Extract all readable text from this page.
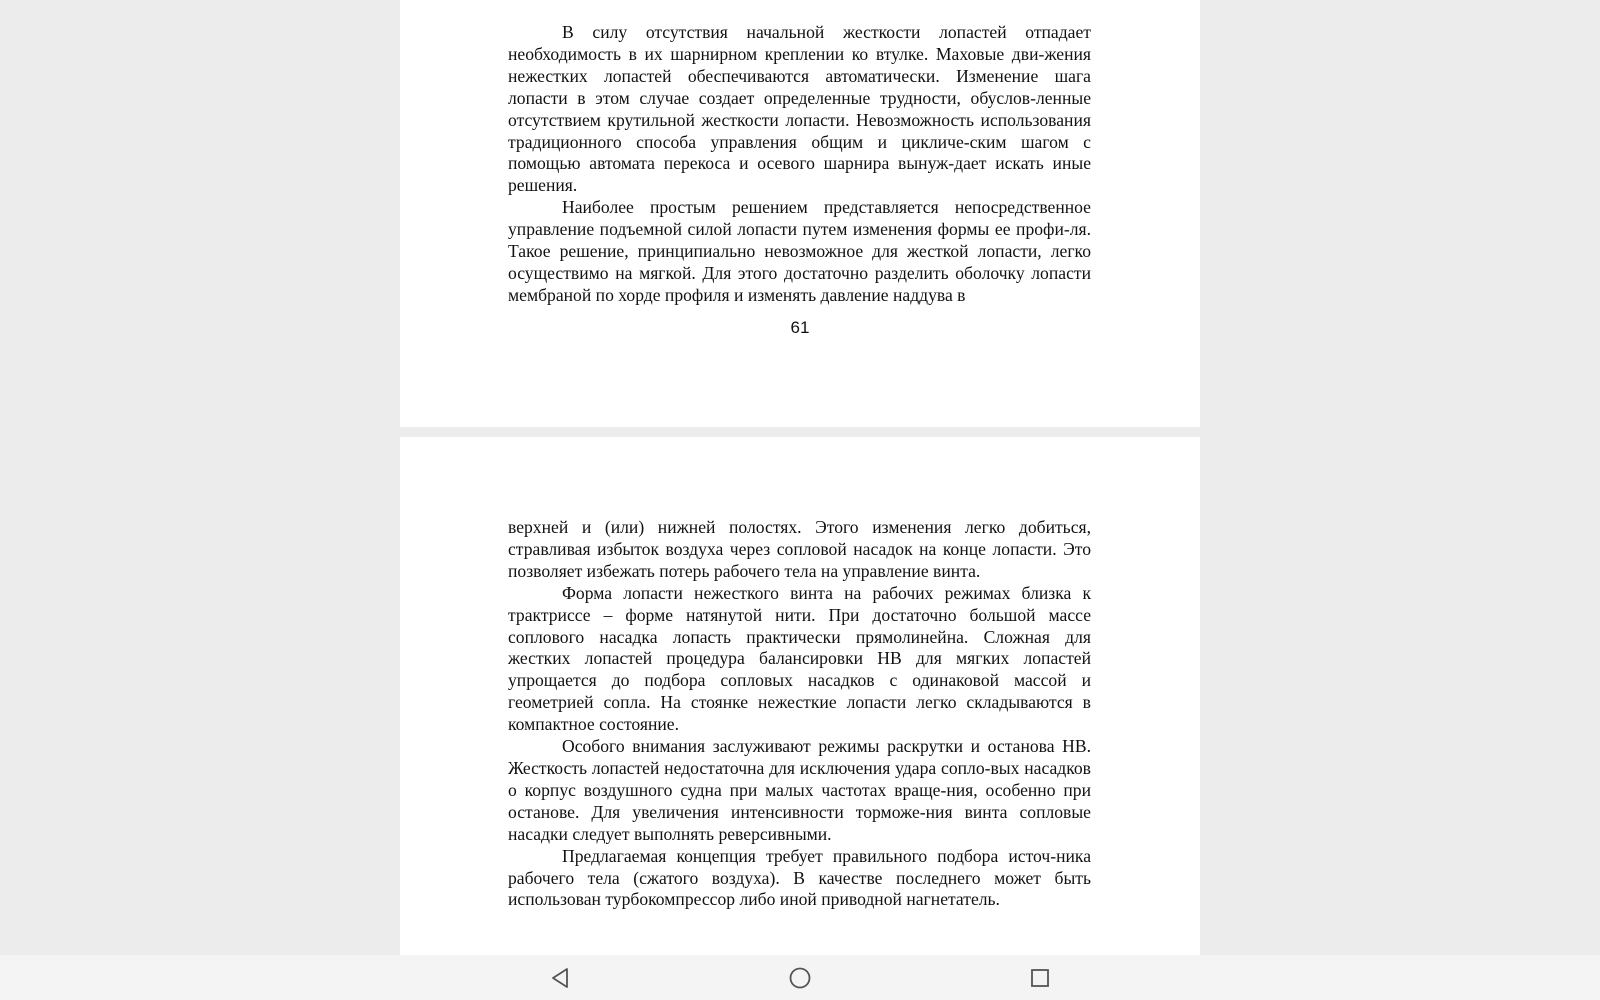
В силу отсутствия начальной жесткости лопастей отпадает необходимость в их шарнирном креплении ко втулке. Маховые дви-жения нежестких лопастей обеспечиваются автоматически. Изменение шага лопасти в этом случае создает определенные трудности, обуслов-ленные отсутствием крутильной жесткости лопасти. Невозможность использования традиционного способа управления общим и цикличе-ским шагом с помощью автомата перекоса и осевого шарнира вынуж-дает искать иные решения.

Наиболее простым решением представляется непосредственное управление подъемной силой лопасти путем изменения формы ее профи-ля. Такое решение, принципиально невозможное для жесткой лопасти, легко осуществимо на мягкой. Для этого достаточно разделить оболочку лопасти мембраной по хорде профиля и изменять давление наддува в

61

верхней и (или) нижней полостях. Этого изменения легко добиться, стравливая избыток воздуха через сопловой насадок на конце лопасти. Это позволяет избежать потерь рабочего тела на управление винта.

Форма лопасти нежесткого винта на рабочих режимах близка к трактриссе – форме натянутой нити. При достаточно большой массе соплового насадка лопасть практически прямолинейна. Сложная для жестких лопастей процедура балансировки НВ для мягких лопастей упрощается до подбора сопловых насадков с одинаковой массой и геометрией сопла. На стоянке нежесткие лопасти легко складываются в компактное состояние.

Особого внимания заслуживают режимы раскрутки и останова НВ. Жесткость лопастей недостаточна для исключения удара сопло-вых насадков о корпус воздушного судна при малых частотах враще-ния, особенно при останове. Для увеличения интенсивности торможе-ния винта сопловые насадки следует выполнять реверсивными.

Предлагаемая концепция требует правильного подбора источ-ника рабочего тела (сжатого воздуха). В качестве последнего может быть использован турбокомпрессор либо иной приводной нагнетатель.
